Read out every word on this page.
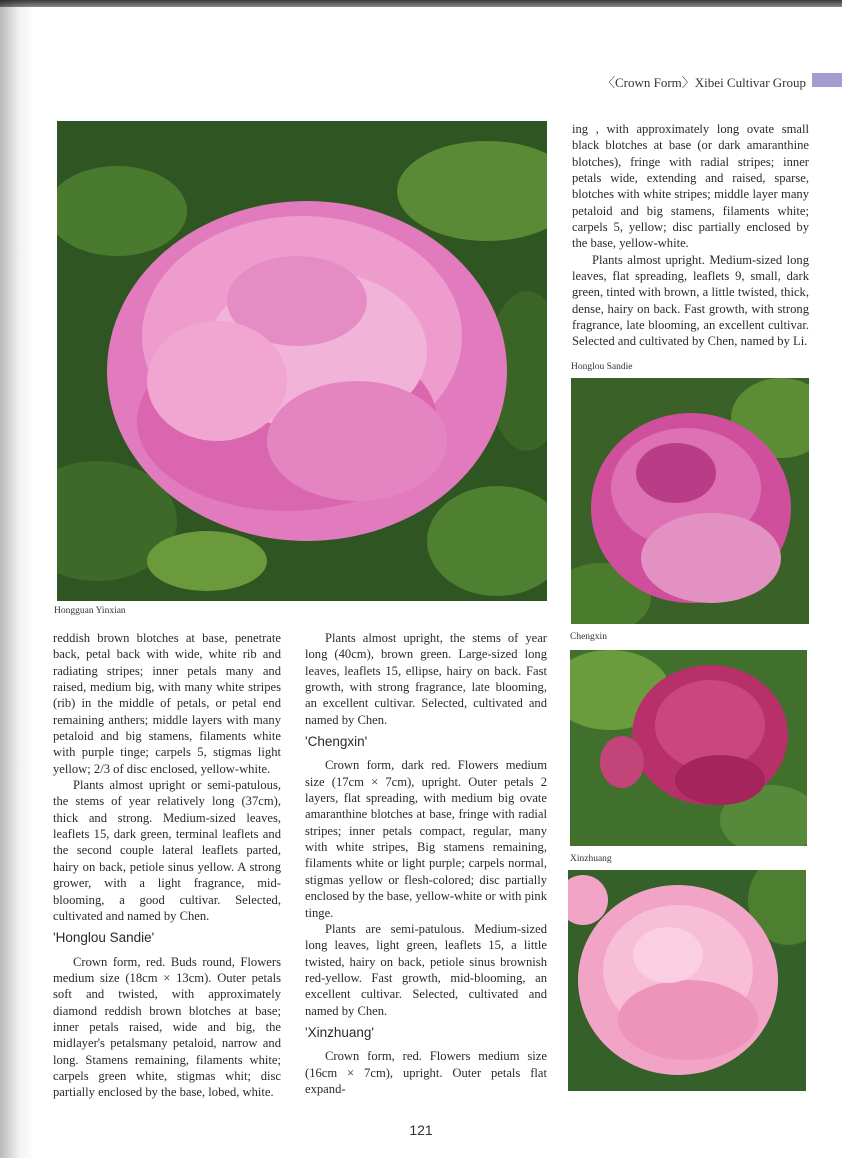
〈Crown Form〉Xibei Cultivar Group
Hongguan Yinxian
Honglou Sandie
Chengxin
Xinzhuang

reddish brown blotches at base, penetrate back, petal back with wide, white rib and radiating stripes; inner petals many and raised, medium big, with many white stripes (rib) in the middle of petals, or petal end remaining anthers; middle layers with many petaloid and big stamens, filaments white with purple tinge; carpels 5, stigmas light yellow; 2/3 of disc enclosed, yellow-white.

Plants almost upright or semi-patulous, the stems of year relatively long (37cm), thick and strong. Medium-sized leaves, leaflets 15, dark green, terminal leaflets and the second couple lateral leaflets parted, hairy on back, petiole sinus yellow. A strong grower, with a light fragrance, mid-blooming, a good cultivar. Selected, cultivated and named by Chen.

'Honglou Sandie'

Crown form, red. Buds round, Flowers medium size (18cm × 13cm). Outer petals soft and twisted, with approximately diamond reddish brown blotches at base; inner petals raised, wide and big, the midlayer's petalsmany petaloid, narrow and long. Stamens remaining, filaments white; carpels green white, stigmas whit; disc partially enclosed by the base, lobed, white.

Plants almost upright, the stems of year long (40cm), brown green. Large-sized long leaves, leaflets 15, ellipse, hairy on back. Fast growth, with strong fragrance, late blooming, an excellent cultivar. Selected, cultivated and named by Chen.

'Chengxin'

Crown form, dark red. Flowers medium size (17cm × 7cm), upright. Outer petals 2 layers, flat spreading, with medium big ovate amaranthine blotches at base, fringe with radial stripes; inner petals compact, regular, many with white stripes, Big stamens remaining, filaments white or light purple; carpels normal, stigmas yellow or flesh-colored; disc partially enclosed by the base, yellow-white or with pink tinge.

Plants are semi-patulous. Medium-sized long leaves, light green, leaflets 15, a little twisted, hairy on back, petiole sinus brownish red-yellow. Fast growth, mid-blooming, an excellent cultivar. Selected, cultivated and named by Chen.

'Xinzhuang'

Crown form, red. Flowers medium size (16cm × 7cm), upright. Outer petals flat expand-

ing , with approximately long ovate small black blotches at base (or dark amaranthine blotches), fringe with radial stripes; inner petals wide, extending and raised, sparse, blotches with white stripes; middle layer many petaloid and big stamens, filaments white; carpels 5, yellow; disc partially enclosed by the base, yellow-white.

Plants almost upright. Medium-sized long leaves, flat spreading, leaflets 9, small, dark green, tinted with brown, a little twisted, thick, dense, hairy on back. Fast growth, with strong fragrance, late blooming, an excellent cultivar. Selected and cultivated by Chen, named by Li.

121
